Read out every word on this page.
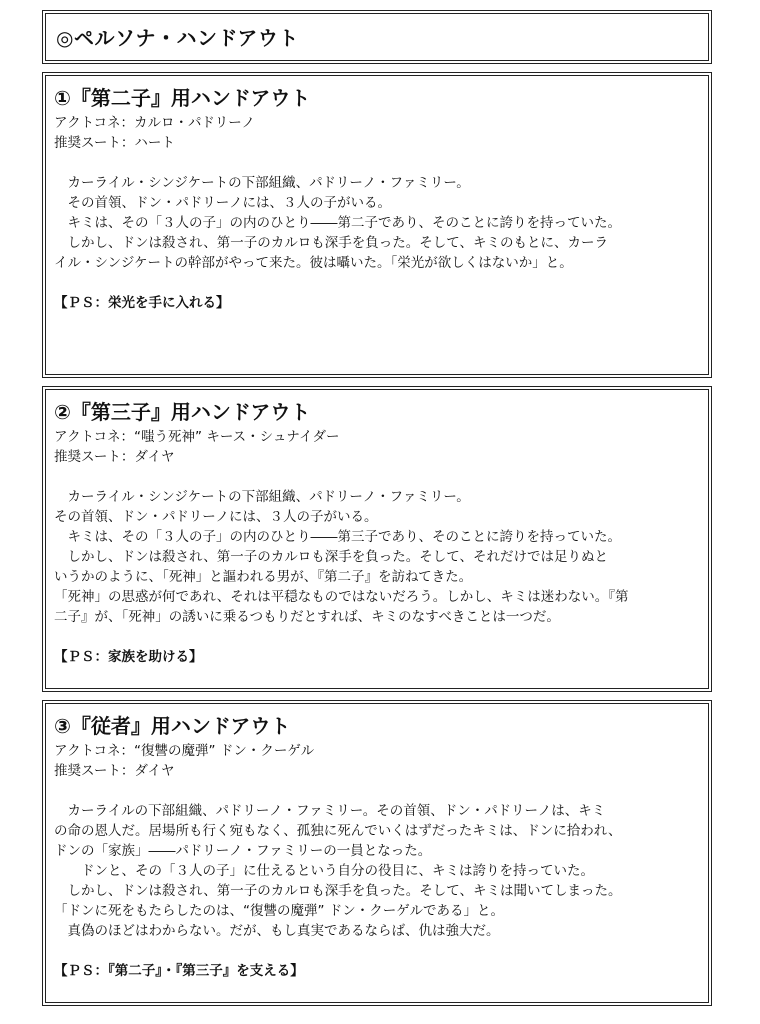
◎ペルソナ・ハンドアウト

①『第二子』用ハンドアウト

アクトコネ：カルロ・パドリーノ

推奨スート：ハート

　カーライル・シンジケートの下部組織、パドリーノ・ファミリー。

　その首領、ドン・パドリーノには、３人の子がいる。

　キミは、その「３人の子」の内のひとり――第二子であり、そのことに誇りを持っていた。

　しかし、ドンは殺され、第一子のカルロも深手を負った。そして、キミのもとに、カーラ

イル・シンジケートの幹部がやって来た。彼は囁いた。「栄光が欲しくはないか」と。

【ＰＳ：栄光を手に入れる】

②『第三子』用ハンドアウト

アクトコネ：“嗤う死神” キース・シュナイダー

推奨スート：ダイヤ

　カーライル・シンジケートの下部組織、パドリーノ・ファミリー。

その首領、ドン・パドリーノには、３人の子がいる。

　キミは、その「３人の子」の内のひとり――第三子であり、そのことに誇りを持っていた。

　しかし、ドンは殺され、第一子のカルロも深手を負った。そして、それだけでは足りぬと

いうかのように、「死神」と謳われる男が、『第二子』を訪ねてきた。

「死神」の思惑が何であれ、それは平穏なものではないだろう。しかし、キミは迷わない。『第

二子』が、「死神」の誘いに乗るつもりだとすれば、キミのなすべきことは一つだ。

【ＰＳ：家族を助ける】

③『従者』用ハンドアウト

アクトコネ：“復讐の魔弾” ドン・クーゲル

推奨スート：ダイヤ

　カーライルの下部組織、パドリーノ・ファミリー。その首領、ドン・パドリーノは、キミ

の命の恩人だ。居場所も行く宛もなく、孤独に死んでいくはずだったキミは、ドンに拾われ、

ドンの「家族」――パドリーノ・ファミリーの一員となった。

　　ドンと、その「３人の子」に仕えるという自分の役目に、キミは誇りを持っていた。

　しかし、ドンは殺され、第一子のカルロも深手を負った。そして、キミは聞いてしまった。

「ドンに死をもたらしたのは、“復讐の魔弾” ドン・クーゲルである」と。

　真偽のほどはわからない。だが、もし真実であるならば、仇は強大だ。

【ＰＳ：『第二子』・『第三子』を支える】
